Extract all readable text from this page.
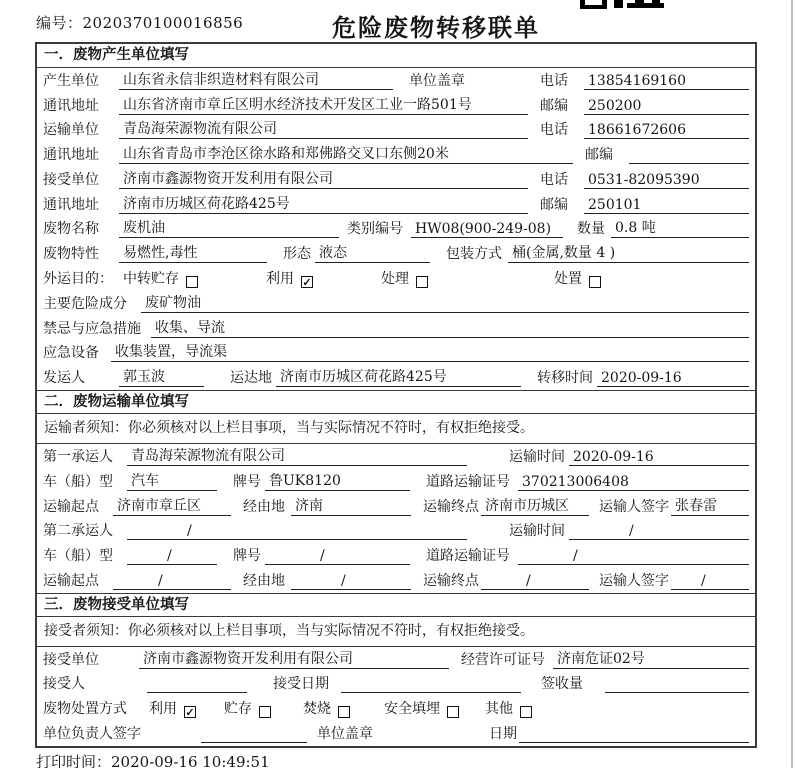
编号：2020370100016856	危险废物转移联单
一．废物产生单位填写
产生单位	山东省永信非织造材料有限公司	单位盖章	电话	13854169160
通讯地址	山东省济南市章丘区明水经济技术开发区工业一路501号	邮编	250200
运输单位	青岛海荣源物流有限公司	电话	18661672606
通讯地址	山东省青岛市李沧区徐水路和郑佛路交叉口东侧20米	邮编
接受单位	济南市鑫源物资开发利用有限公司	电话	0531-82095390
通讯地址	济南市历城区荷花路425号	邮编	250101
废物名称	废机油	类别编号 HW08(900-249-08)	数量 0.8 吨
废物特性	易燃性,毒性	形态 液态	包装方式 桶(金属,数量 4 )
外运目的： 中转贮存	利用 ✓	处理	处置
主要危险成分 废矿物油
禁忌与应急措施 收集、导流
应急设备 收集装置，导流渠
发运人	郭玉波	运达地 济南市历城区荷花路425号	转移时间 2020-09-16
二．废物运输单位填写
运输者须知：你必须核对以上栏目事项，当与实际情况不符时，有权拒绝接受。
第一承运人	青岛海荣源物流有限公司	运输时间 2020-09-16
车（船）型	汽车	牌号 鲁UK8120	道路运输证号 370213006408
运输起点	济南市章丘区	经由地 济南	运输终点 济南市历城区	运输人签字 张春雷
第二承运人	/	运输时间	/
车（船）型	/	牌号	/	道路运输证号	/
运输起点	/	经由地	/	运输终点	/	运输人签字	/
三．废物接受单位填写
接受者须知：你必须核对以上栏目事项，当与实际情况不符时，有权拒绝接受。
接受单位	济南市鑫源物资开发利用有限公司	经营许可证号 济南危证02号
接受人	接受日期	签收量
废物处置方式 利用 ✓ 贮存	焚烧	安全填埋	其他
单位负责人签字	单位盖章	日期
打印时间：2020-09-16 10:49:51
